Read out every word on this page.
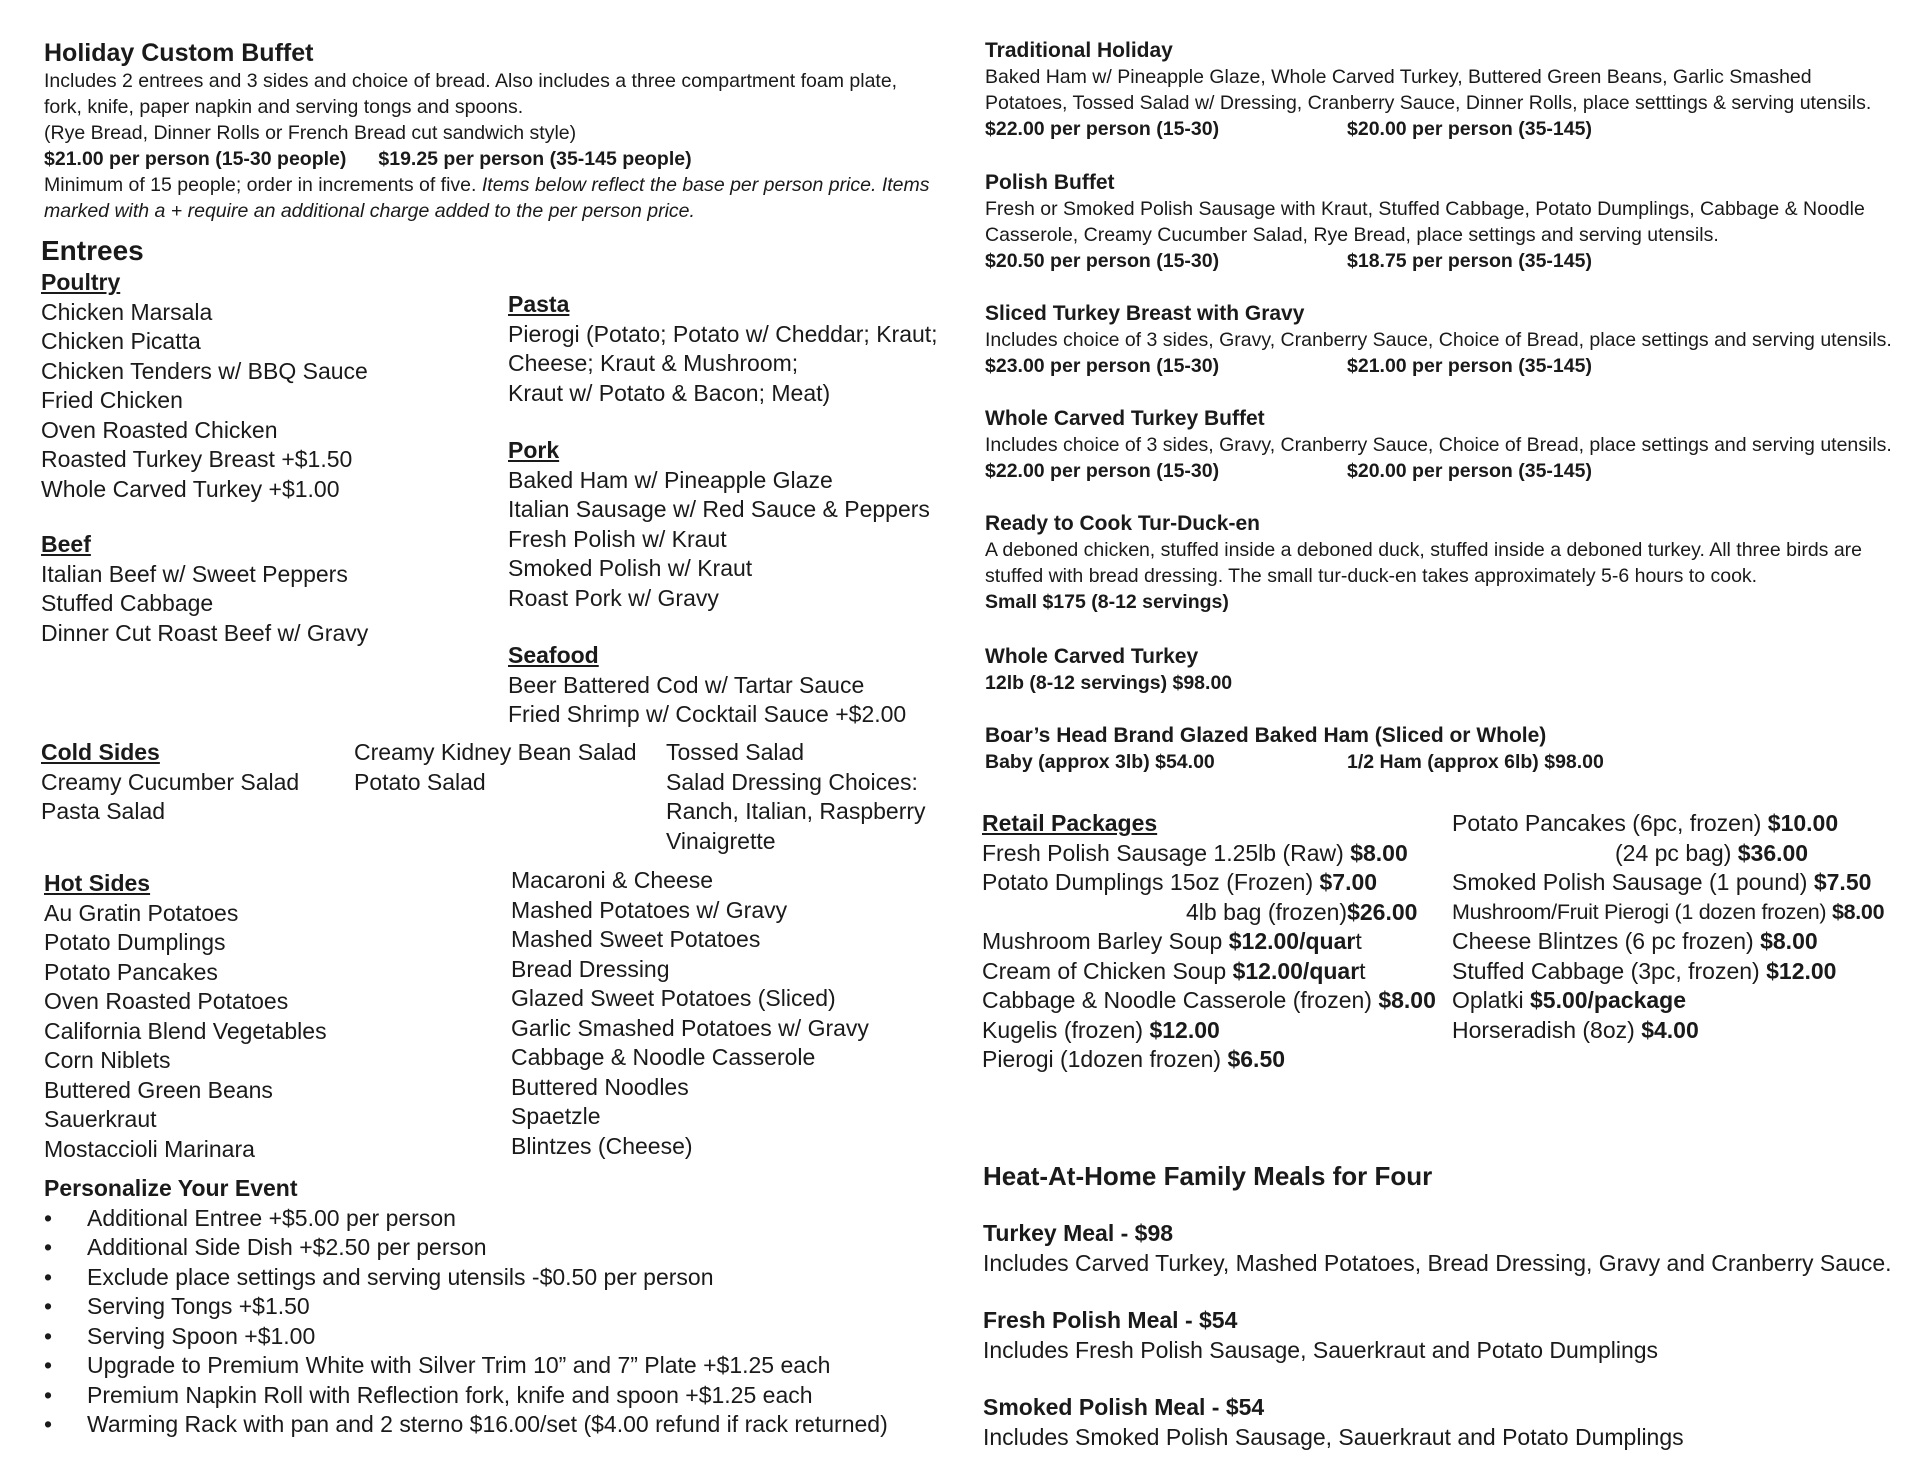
Holiday Custom Buffet
Includes 2 entrees and 3 sides and choice of bread. Also includes a three compartment foam plate,
fork, knife, paper napkin and serving tongs and spoons.
(Rye Bread, Dinner Rolls or French Bread cut sandwich style)
$21.00 per person (15-30 people) $19.25 per person (35-145 people)
Minimum of 15 people; order in increments of five. Items below reflect the base per person price. Items
marked with a + require an additional charge added to the per person price.
Entrees
Poultry
Chicken Marsala
Chicken Picatta
Chicken Tenders w/ BBQ Sauce
Fried Chicken
Oven Roasted Chicken
Roasted Turkey Breast +$1.50
Whole Carved Turkey +$1.00
Beef
Italian Beef w/ Sweet Peppers
Stuffed Cabbage
Dinner Cut Roast Beef w/ Gravy
Pasta
Pierogi (Potato; Potato w/ Cheddar; Kraut;
Cheese; Kraut & Mushroom;
Kraut w/ Potato & Bacon; Meat)
Pork
Baked Ham w/ Pineapple Glaze
Italian Sausage w/ Red Sauce & Peppers
Fresh Polish w/ Kraut
Smoked Polish w/ Kraut
Roast Pork w/ Gravy
Seafood
Beer Battered Cod w/ Tartar Sauce
Fried Shrimp w/ Cocktail Sauce +$2.00
Cold Sides
Creamy Cucumber Salad
Pasta Salad
Creamy Kidney Bean Salad
Potato Salad
Tossed Salad
Salad Dressing Choices:
Ranch, Italian, Raspberry
Vinaigrette
Hot Sides
Au Gratin Potatoes
Potato Dumplings
Potato Pancakes
Oven Roasted Potatoes
California Blend Vegetables
Corn Niblets
Buttered Green Beans
Sauerkraut
Mostaccioli Marinara
Macaroni & Cheese
Mashed Potatoes w/ Gravy
Mashed Sweet Potatoes
Bread Dressing
Glazed Sweet Potatoes (Sliced)
Garlic Smashed Potatoes w/ Gravy
Cabbage & Noodle Casserole
Buttered Noodles
Spaetzle
Blintzes (Cheese)
Personalize Your Event
• Additional Entree +$5.00 per person
• Additional Side Dish +$2.50 per person
• Exclude place settings and serving utensils -$0.50 per person
• Serving Tongs +$1.50
• Serving Spoon +$1.00
• Upgrade to Premium White with Silver Trim 10” and 7” Plate +$1.25 each
• Premium Napkin Roll with Reflection fork, knife and spoon +$1.25 each
• Warming Rack with pan and 2 sterno $16.00/set ($4.00 refund if rack returned)
Traditional Holiday
Baked Ham w/ Pineapple Glaze, Whole Carved Turkey, Buttered Green Beans, Garlic Smashed
Potatoes, Tossed Salad w/ Dressing, Cranberry Sauce, Dinner Rolls, place setttings & serving utensils.
$22.00 per person (15-30)	$20.00 per person (35-145)
Polish Buffet
Fresh or Smoked Polish Sausage with Kraut, Stuffed Cabbage, Potato Dumplings, Cabbage & Noodle
Casserole, Creamy Cucumber Salad, Rye Bread, place settings and serving utensils.
$20.50 per person (15-30)	$18.75 per person (35-145)
Sliced Turkey Breast with Gravy
Includes choice of 3 sides, Gravy, Cranberry Sauce, Choice of Bread, place settings and serving utensils.
$23.00 per person (15-30)	$21.00 per person (35-145)
Whole Carved Turkey Buffet
Includes choice of 3 sides, Gravy, Cranberry Sauce, Choice of Bread, place settings and serving utensils.
$22.00 per person (15-30)	$20.00 per person (35-145)
Ready to Cook Tur-Duck-en
A deboned chicken, stuffed inside a deboned duck, stuffed inside a deboned turkey. All three birds are
stuffed with bread dressing. The small tur-duck-en takes approximately 5-6 hours to cook.
Small $175 (8-12 servings)
Whole Carved Turkey
12lb (8-12 servings) $98.00
Boar’s Head Brand Glazed Baked Ham (Sliced or Whole)
Baby (approx 3lb) $54.00	1/2 Ham (approx 6lb) $98.00
Retail Packages
Fresh Polish Sausage 1.25lb (Raw) $8.00
Potato Dumplings 15oz (Frozen) $7.00
4lb bag (frozen)$26.00
Mushroom Barley Soup $12.00/quart
Cream of Chicken Soup $12.00/quart
Cabbage & Noodle Casserole (frozen) $8.00
Kugelis (frozen) $12.00
Pierogi (1dozen frozen) $6.50
Potato Pancakes (6pc, frozen) $10.00
(24 pc bag) $36.00
Smoked Polish Sausage (1 pound) $7.50
Mushroom/Fruit Pierogi (1 dozen frozen) $8.00
Cheese Blintzes (6 pc frozen) $8.00
Stuffed Cabbage (3pc, frozen) $12.00
Oplatki $5.00/package
Horseradish (8oz) $4.00
Heat-At-Home Family Meals for Four
Turkey Meal - $98
Includes Carved Turkey, Mashed Potatoes, Bread Dressing, Gravy and Cranberry Sauce.
Fresh Polish Meal - $54
Includes Fresh Polish Sausage, Sauerkraut and Potato Dumplings
Smoked Polish Meal - $54
Includes Smoked Polish Sausage, Sauerkraut and Potato Dumplings
